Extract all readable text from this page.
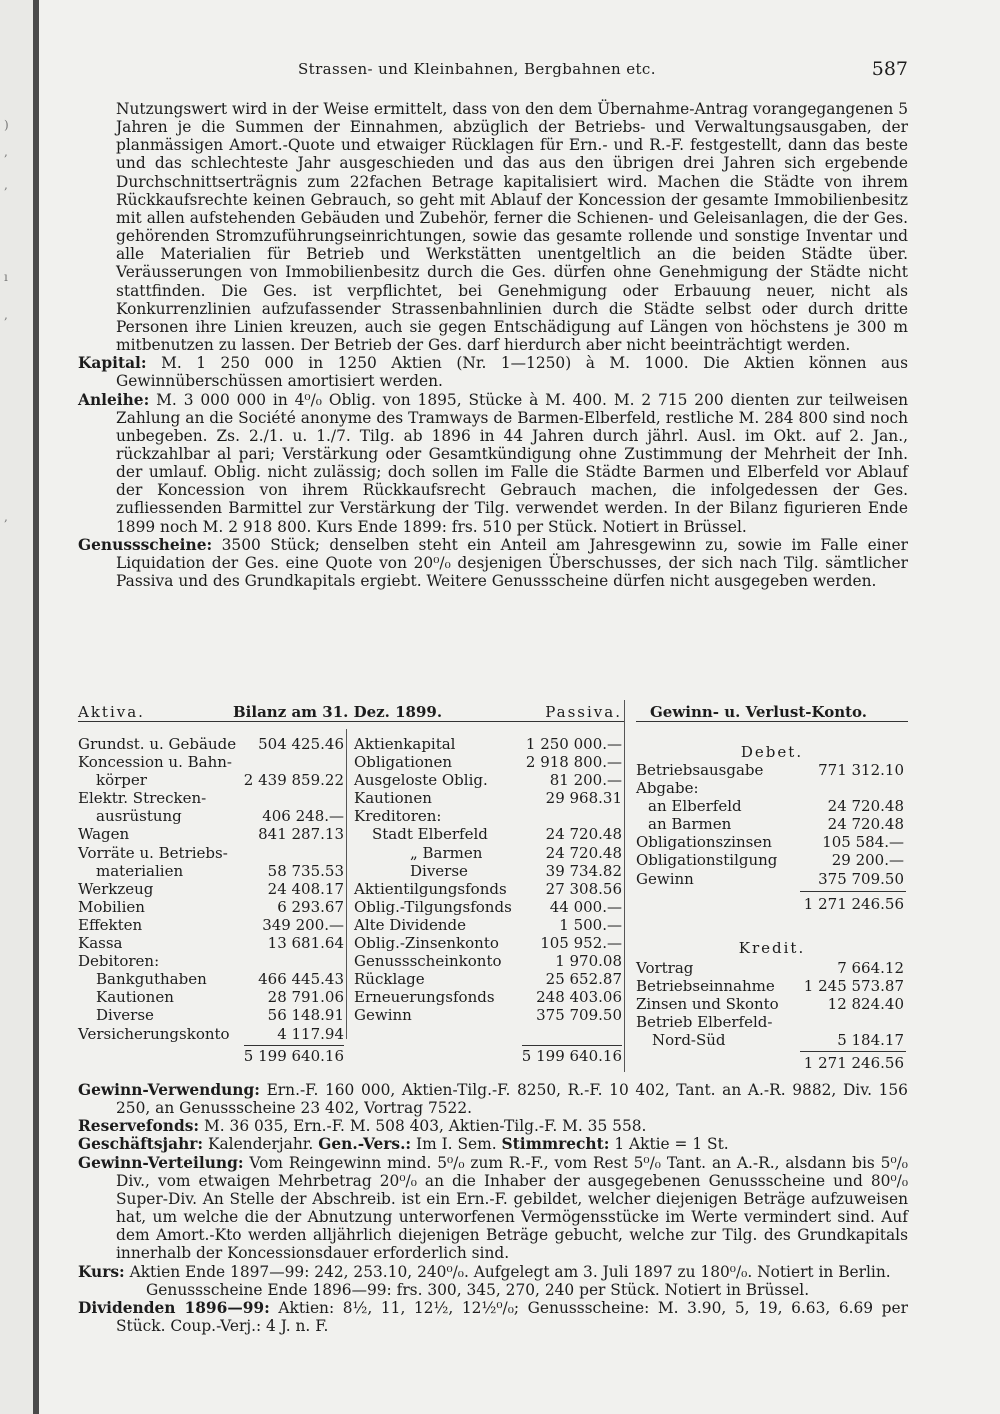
)
,
,
ı
,
,
Strassen- und Kleinbahnen, Bergbahnen etc.	587

Nutzungswert wird in der Weise ermittelt, dass von den dem Übernahme-Antrag vorangegangenen 5 Jahren je die Summen der Einnahmen, abzüglich der Betriebs- und Verwaltungsausgaben, der planmässigen Amort.-Quote und etwaiger Rücklagen für Ern.- und R.-F. festgestellt, dann das beste und das schlechteste Jahr ausgeschieden und das aus den übrigen drei Jahren sich ergebende Durchschnittserträgnis zum 22fachen Betrage kapitalisiert wird. Machen die Städte von ihrem Rückkaufsrechte keinen Gebrauch, so geht mit Ablauf der Koncession der gesamte Immobilienbesitz mit allen aufstehenden Gebäuden und Zubehör, ferner die Schienen- und Geleisanlagen, die der Ges. gehörenden Stromzuführungseinrichtungen, sowie das gesamte rollende und sonstige Inventar und alle Materialien für Betrieb und Werkstätten unentgeltlich an die beiden Städte über. Veräusserungen von Immobilienbesitz durch die Ges. dürfen ohne Genehmigung der Städte nicht stattfinden. Die Ges. ist verpflichtet, bei Genehmigung oder Erbauung neuer, nicht als Konkurrenzlinien aufzufassender Strassenbahnlinien durch die Städte selbst oder durch dritte Personen ihre Linien kreuzen, auch sie gegen Entschädigung auf Längen von höchstens je 300 m mitbenutzen zu lassen. Der Betrieb der Ges. darf hierdurch aber nicht beeinträchtigt werden.

Kapital: M. 1 250 000 in 1250 Aktien (Nr. 1—1250) à M. 1000. Die Aktien können aus Gewinnüberschüssen amortisiert werden.

Anleihe: M. 3 000 000 in 4⁰/₀ Oblig. von 1895, Stücke à M. 400. M. 2 715 200 dienten zur teilweisen Zahlung an die Société anonyme des Tramways de Barmen-Elberfeld, restliche M. 284 800 sind noch unbegeben. Zs. 2./1. u. 1./7. Tilg. ab 1896 in 44 Jahren durch jährl. Ausl. im Okt. auf 2. Jan., rückzahlbar al pari; Verstärkung oder Gesamtkündigung ohne Zustimmung der Mehrheit der Inh. der umlauf. Oblig. nicht zulässig; doch sollen im Falle die Städte Barmen und Elberfeld vor Ablauf der Koncession von ihrem Rückkaufsrecht Gebrauch machen, die infolgedessen der Ges. zufliessenden Barmittel zur Verstärkung der Tilg. verwendet werden. In der Bilanz figurieren Ende 1899 noch M. 2 918 800. Kurs Ende 1899: frs. 510 per Stück. Notiert in Brüssel.

Genussscheine: 3500 Stück; denselben steht ein Anteil am Jahresgewinn zu, sowie im Falle einer Liquidation der Ges. eine Quote von 20⁰/₀ desjenigen Überschusses, der sich nach Tilg. sämtlicher Passiva und des Grundkapitals ergiebt. Weitere Genussscheine dürfen nicht ausgegeben werden.

Aktiva.	Bilanz am 31. Dez. 1899.	Passiva.
Grundst. u. Gebäude 504 425.46
Koncession u. Bahn-
körper	2 439 859.22
Elektr. Strecken-
ausrüstung	406 248.—
Wagen	841 287.13
Vorräte u. Betriebs-
materialien	58 735.53
Werkzeug	24 408.17
Mobilien	6 293.67
Effekten	349 200.—
Kassa	13 681.64
Debitoren:
Bankguthaben	466 445.43
Kautionen	28 791.06
Diverse	56 148.91
Versicherungskonto	4 117.94
Aktienkapital	1 250 000.—
Obligationen	2 918 800.—
Ausgeloste Oblig.	81 200.—
Kautionen	29 968.31
Kreditoren:
Stadt Elberfeld	24 720.48
„ Barmen	24 720.48
Diverse	39 734.82
Aktientilgungsfonds	27 308.56
Oblig.-Tilgungsfonds	44 000.—
Alte Dividende	1 500.—
Oblig.-Zinsenkonto	105 952.—
Genussscheinkonto	1 970.08
Rücklage	25 652.87
Erneuerungsfonds	248 403.06
Gewinn	375 709.50
5 199 640.16	5 199 640.16
Gewinn- u. Verlust-Konto.
Debet.
Betriebsausgabe	771 312.10
Abgabe:
an Elberfeld	24 720.48
an Barmen	24 720.48
Obligationszinsen	105 584.—
Obligationstilgung	29 200.—
Gewinn	375 709.50
1 271 246.56
Kredit.
Vortrag	7 664.12
Betriebseinnahme 1 245 573.87
Zinsen und Skonto	12 824.40
Betrieb Elberfeld-
Nord-Süd	5 184.17
1 271 246.56

Gewinn-Verwendung: Ern.-F. 160 000, Aktien-Tilg.-F. 8250, R.-F. 10 402, Tant. an A.-R. 9882, Div. 156 250, an Genussscheine 23 402, Vortrag 7522.

Reservefonds: M. 36 035, Ern.-F. M. 508 403, Aktien-Tilg.-F. M. 35 558.

Geschäftsjahr: Kalenderjahr. Gen.-Vers.: Im I. Sem. Stimmrecht: 1 Aktie = 1 St.

Gewinn-Verteilung: Vom Reingewinn mind. 5⁰/₀ zum R.-F., vom Rest 5⁰/₀ Tant. an A.-R., alsdann bis 5⁰/₀ Div., vom etwaigen Mehrbetrag 20⁰/₀ an die Inhaber der ausgegebenen Genussscheine und 80⁰/₀ Super-Div. An Stelle der Abschreib. ist ein Ern.-F. gebildet, welcher diejenigen Beträge aufzuweisen hat, um welche die der Abnutzung unterworfenen Vermögensstücke im Werte vermindert sind. Auf dem Amort.-Kto werden alljährlich diejenigen Beträge gebucht, welche zur Tilg. des Grundkapitals innerhalb der Koncessionsdauer erforderlich sind.

Kurs: Aktien Ende 1897—99: 242, 253.10, 240⁰/₀. Aufgelegt am 3. Juli 1897 zu 180⁰/₀. Notiert in Berlin.

Genussscheine Ende 1896—99: frs. 300, 345, 270, 240 per Stück. Notiert in Brüssel.

Dividenden 1896—99: Aktien: 8½, 11, 12½, 12½⁰/₀; Genussscheine: M. 3.90, 5, 19, 6.63, 6.69 per Stück. Coup.-Verj.: 4 J. n. F.
